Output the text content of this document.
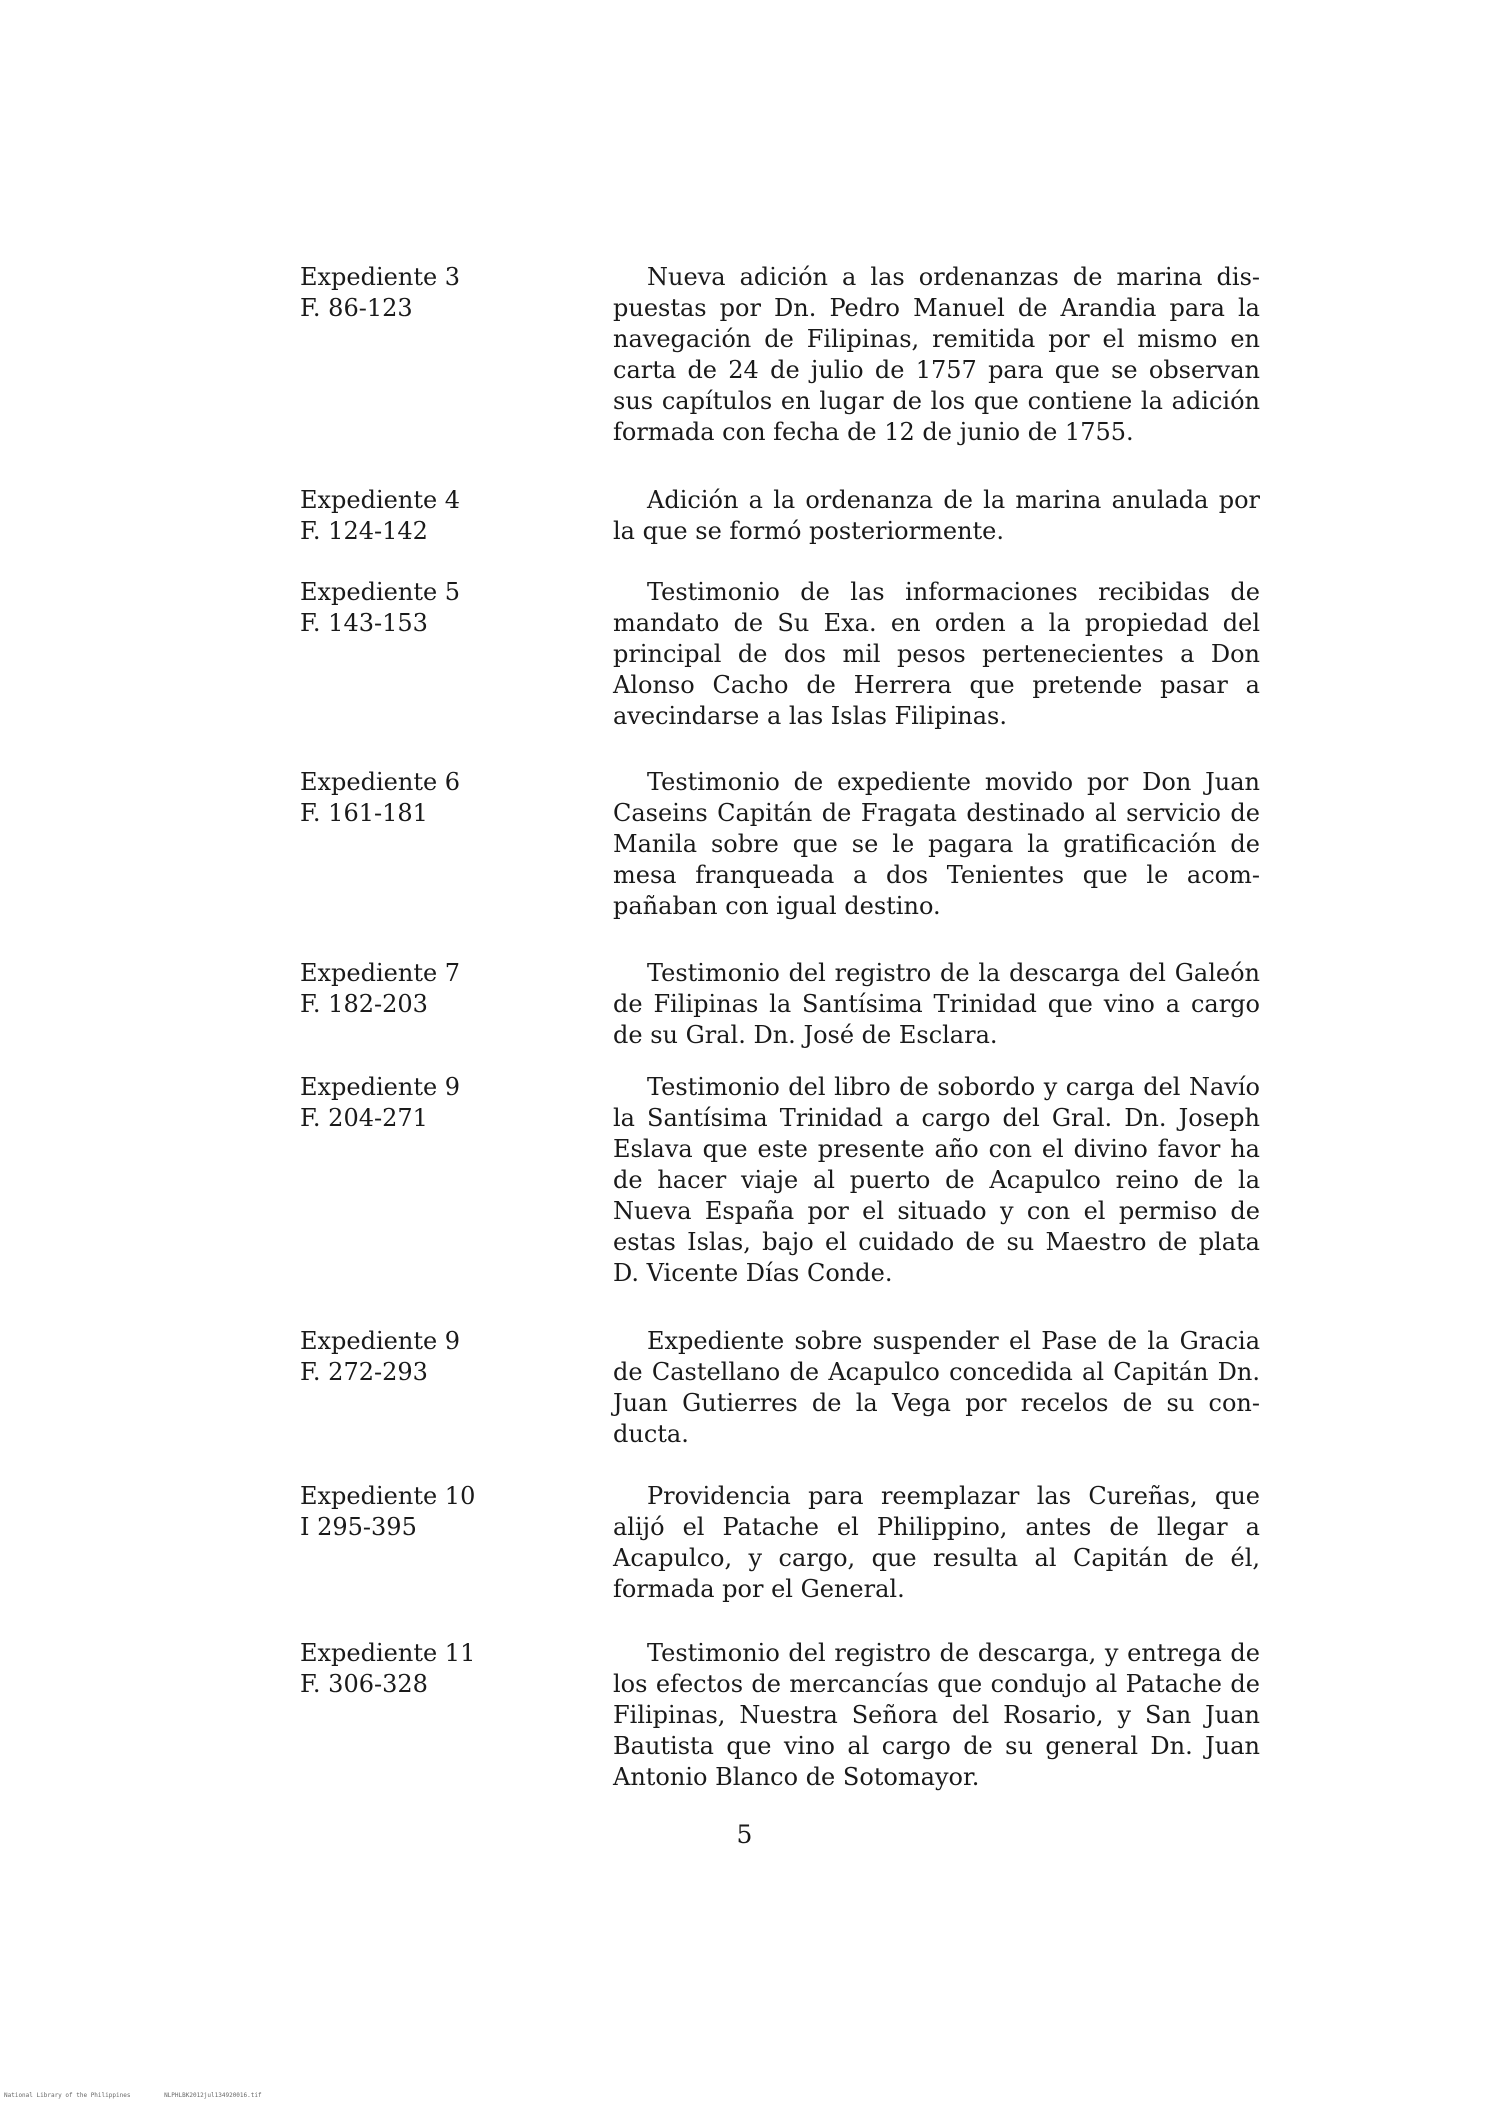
Expediente 3
F. 86-123
Nueva adición a las ordenanzas de marina dispuestas por Dn. Pedro Manuel de Arandia para la navegación de Filipinas, remitida por el mismo en carta de 24 de julio de 1757 para que se observan sus capítulos en lugar de los que contiene la adición formada con fecha de 12 de junio de 1755.
Expediente 4
F. 124-142
Adición a la ordenanza de la marina anulada por la que se formó posteriormente.
Expediente 5
F. 143-153
Testimonio de las informaciones recibidas de mandato de Su Exa. en orden a la propiedad del principal de dos mil pesos pertenecientes a Don Alonso Cacho de Herrera que pretende pasar a avecindarse a las Islas Filipinas.
Expediente 6
F. 161-181
Testimonio de expediente movido por Don Juan Caseins Capitán de Fragata destinado al servicio de Manila sobre que se le pagara la gratificación de mesa franqueada a dos Tenientes que le acompañaban con igual destino.
Expediente 7
F. 182-203
Testimonio del registro de la descarga del Galeón de Filipinas la Santísima Trinidad que vino a cargo de su Gral. Dn. José de Esclara.
Expediente 9
F. 204-271
Testimonio del libro de sobordo y carga del Navío la Santísima Trinidad a cargo del Gral. Dn. Joseph Eslava que este presente año con el divino favor ha de hacer viaje al puerto de Acapulco reino de la Nueva España por el situado y con el permiso de estas Islas, bajo el cuidado de su Maestro de plata D. Vicente Días Conde.
Expediente 9
F. 272-293
Expediente sobre suspender el Pase de la Gracia de Castellano de Acapulco concedida al Capitán Dn. Juan Gutierres de la Vega por recelos de su conducta.
Expediente 10
I 295-395
Providencia para reemplazar las Cureñas, que alijó el Patache el Philippino, antes de llegar a Acapulco, y cargo, que resulta al Capitán de él, formada por el General.
Expediente 11
F. 306-328
Testimonio del registro de descarga, y entrega de los efectos de mercancías que condujo al Patache de Filipinas, Nuestra Señora del Rosario, y San Juan Bautista que vino al cargo de su general Dn. Juan Antonio Blanco de Sotomayor.
5
National Library of the Philippines	NLPHLBK2012jul134920016.tif
